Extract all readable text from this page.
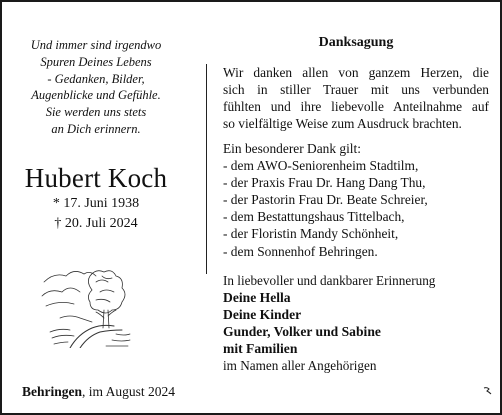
Und immer sind irgendwo
Spuren Deines Lebens
- Gedanken, Bilder,
Augenblicke und Gefühle.
Sie werden uns stets
an Dich erinnern.
Hubert Koch
* 17. Juni 1938
† 20. Juli 2024
Behringen, im August 2024
Danksagung
Wir danken allen von ganzem Herzen, die
sich in stiller Trauer mit uns verbunden
fühlten und ihre liebevolle Anteilnahme auf
so vielfältige Weise zum Ausdruck brachten.
Ein besonderer Dank gilt:
- dem AWO-Seniorenheim Stadtilm,
- der Praxis Frau Dr. Hang Dang Thu,
- der Pastorin Frau Dr. Beate Schreier,
- dem Bestattungshaus Tittelbach,
- der Floristin Mandy Schönheit,
- dem Sonnenhof Behringen.
In liebevoller und dankbarer Erinnerung
Deine Hella
Deine Kinder
Gunder, Volker und Sabine
mit Familien
im Namen aller Angehörigen
